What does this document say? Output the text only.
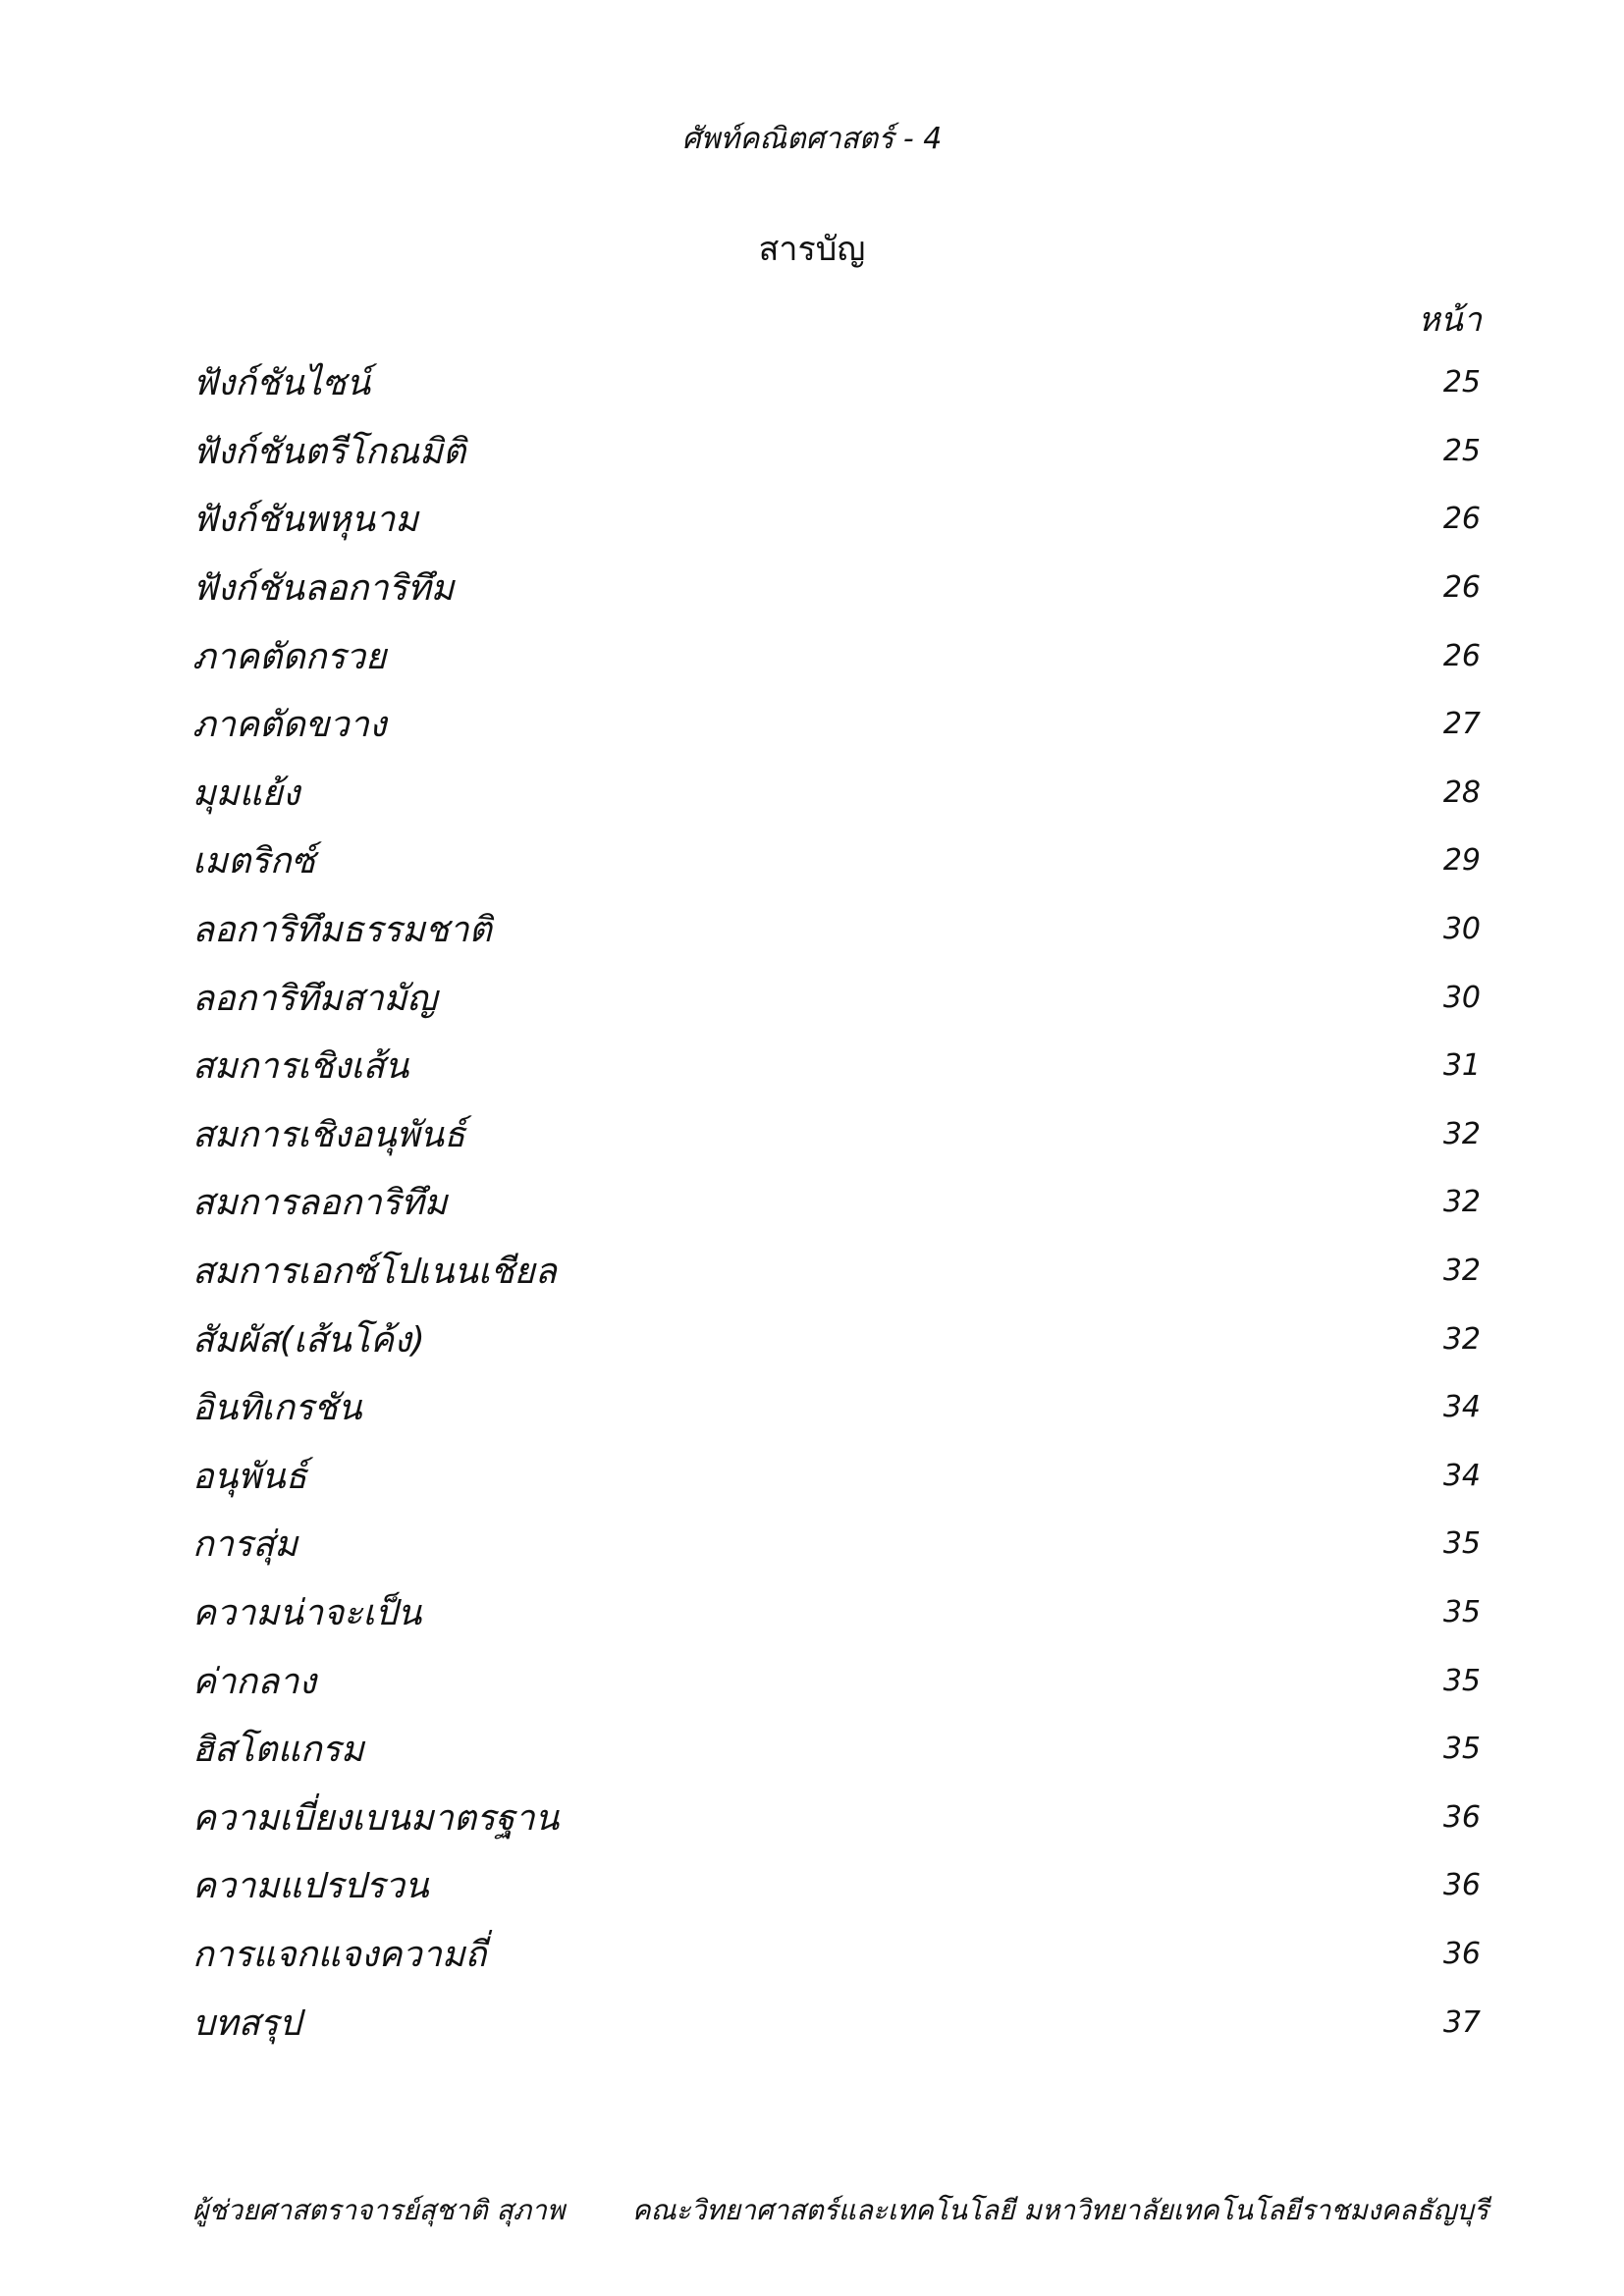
ศัพท์คณิตศาสตร์ - 4
สารบัญ
หน้า
ฟังก์ชันไซน์	25
ฟังก์ชันตรีโกณมิติ	25
ฟังก์ชันพหุนาม	26
ฟังก์ชันลอการิทึม	26
ภาคตัดกรวย	26
ภาคตัดขวาง	27
มุมแย้ง	28
เมตริกซ์	29
ลอการิทึมธรรมชาติ	30
ลอการิทึมสามัญ	30
สมการเชิงเส้น	31
สมการเชิงอนุพันธ์	32
สมการลอการิทึม	32
สมการเอกซ์โปเนนเชียล	32
สัมผัส(เส้นโค้ง)	32
อินทิเกรชัน	34
อนุพันธ์	34
การสุ่ม	35
ความน่าจะเป็น	35
ค่ากลาง	35
ฮิสโตแกรม	35
ความเบี่ยงเบนมาตรฐาน	36
ความแปรปรวน	36
การแจกแจงความถี่	36
บทสรุป	37
ผู้ช่วยศาสตราจารย์สุชาติ สุภาพ คณะวิทยาศาสตร์และเทคโนโลยี มหาวิทยาลัยเทคโนโลยีราชมงคลธัญบุรี
